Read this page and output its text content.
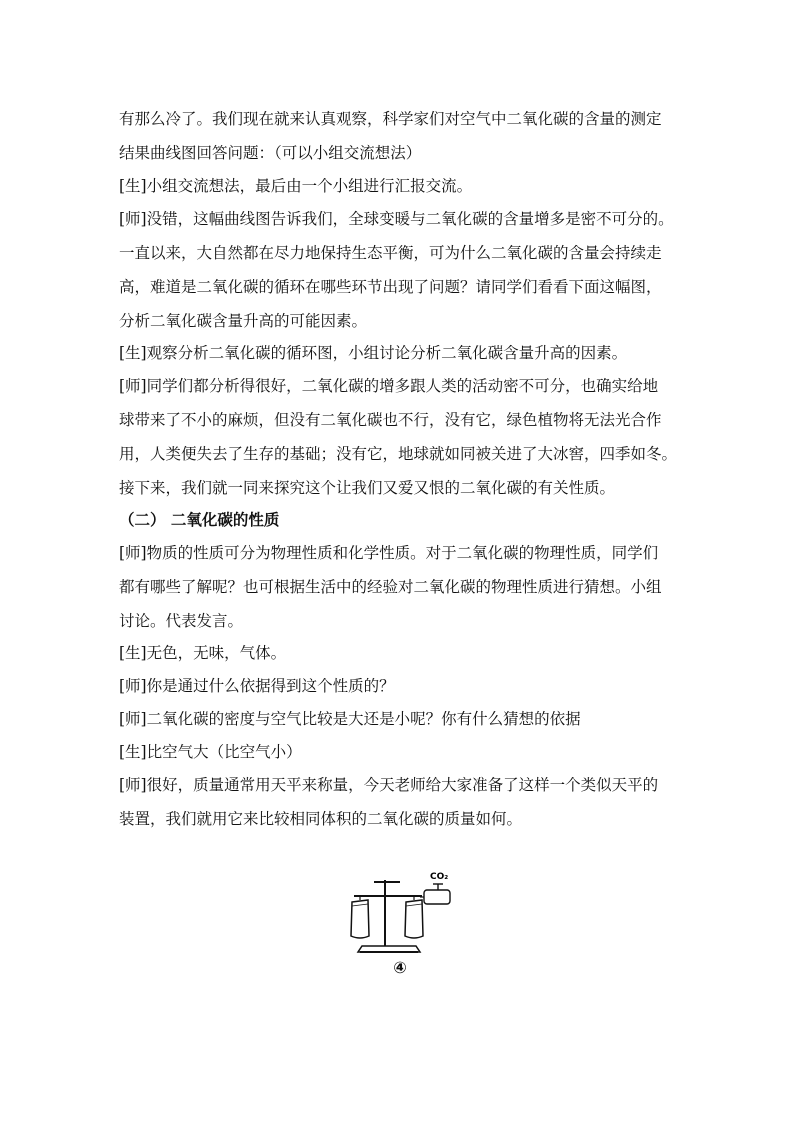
有那么冷了。我们现在就来认真观察，科学家们对空气中二氧化碳的含量的测定
结果曲线图回答问题：（可以小组交流想法）

[生]小组交流想法，最后由一个小组进行汇报交流。

[师]没错，这幅曲线图告诉我们，全球变暖与二氧化碳的含量增多是密不可分的。
一直以来，大自然都在尽力地保持生态平衡，可为什么二氧化碳的含量会持续走
高，难道是二氧化碳的循环在哪些环节出现了问题？请同学们看看下面这幅图，
分析二氧化碳含量升高的可能因素。

[生]观察分析二氧化碳的循环图，小组讨论分析二氧化碳含量升高的因素。

[师]同学们都分析得很好，二氧化碳的增多跟人类的活动密不可分，也确实给地
球带来了不小的麻烦，但没有二氧化碳也不行，没有它，绿色植物将无法光合作
用，人类便失去了生存的基础；没有它，地球就如同被关进了大冰窖，四季如冬。
接下来，我们就一同来探究这个让我们又爱又恨的二氧化碳的有关性质。

（二） 二氧化碳的性质

[师]物质的性质可分为物理性质和化学性质。对于二氧化碳的物理性质，同学们
都有哪些了解呢？也可根据生活中的经验对二氧化碳的物理性质进行猜想。小组
讨论。代表发言。

[生]无色，无味，气体。

[师]你是通过什么依据得到这个性质的？

[师]二氧化碳的密度与空气比较是大还是小呢？你有什么猜想的依据

[生]比空气大（比空气小）

[师]很好，质量通常用天平来称量，今天老师给大家准备了这样一个类似天平的
装置，我们就用它来比较相同体积的二氧化碳的质量如何。

CO₂
④
